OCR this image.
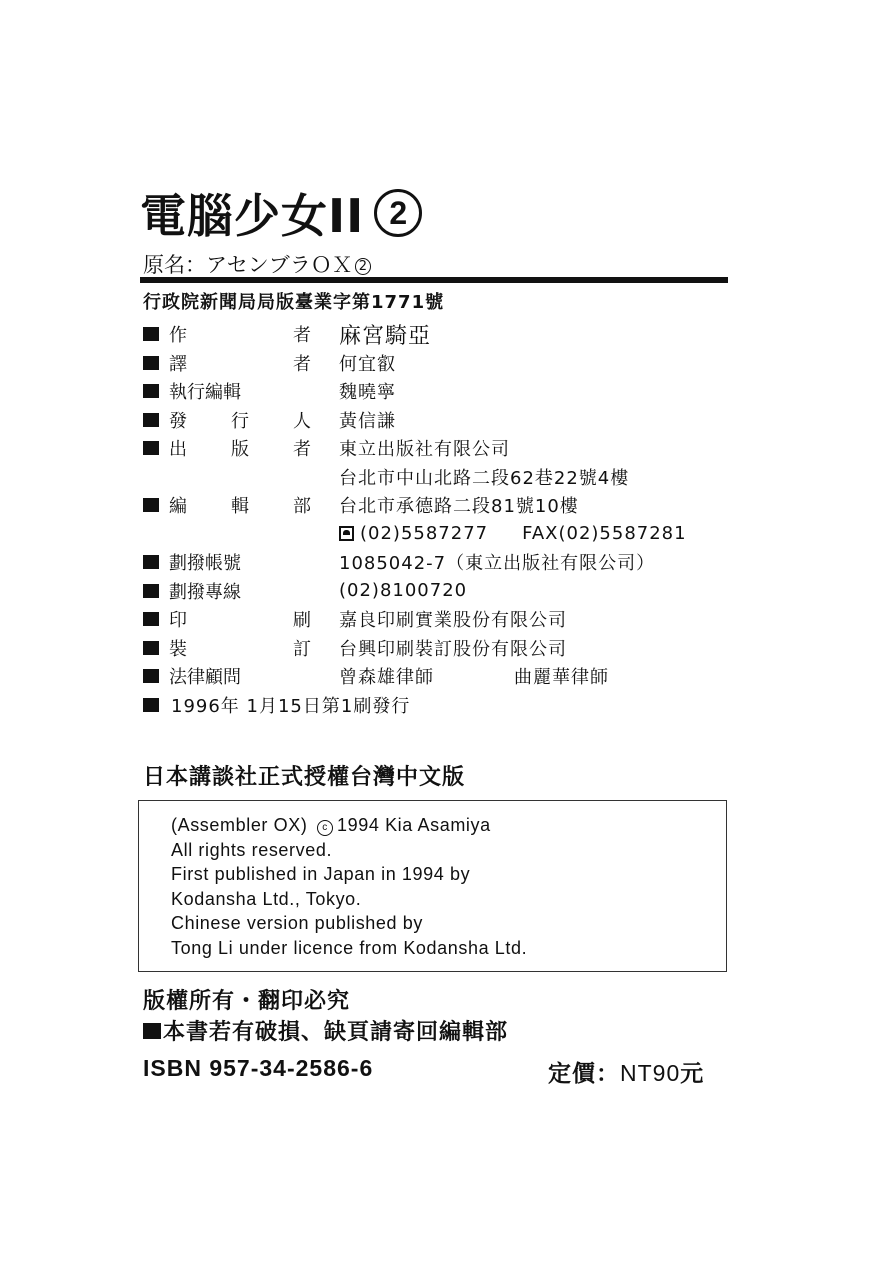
電腦少女II 2
原名：アセンブラＯＸ 2
行政院新聞局局版臺業字第1771號
作	者 麻宮騎亞
譯	者 何宜叡
執行編輯	魏曉寧
發 行 人 黃信謙
出 版 者 東立出版社有限公司
台北市中山北路二段62巷22號4樓
編 輯 部 台北市承德路二段81號10樓
(02)5587277 FAX(02)5587281
劃撥帳號	1085042-7（東立出版社有限公司）
劃撥專線	(02)8100720
印	刷 嘉良印刷實業股份有限公司
裝	訂 台興印刷裝訂股份有限公司
法律顧問	曾森雄律師	曲麗華律師
1996年 1月15日第1刷發行
日本講談社正式授權台灣中文版
(Assembler OX) c 1994 Kia Asamiya
All rights reserved.
First published in Japan in 1994 by
Kodansha Ltd., Tokyo.
Chinese version published by
Tong Li under licence from Kodansha Ltd.
版權所有・翻印必究
本書若有破損、缺頁請寄回編輯部
ISBN 957-34-2586-6	定價：NT90元
